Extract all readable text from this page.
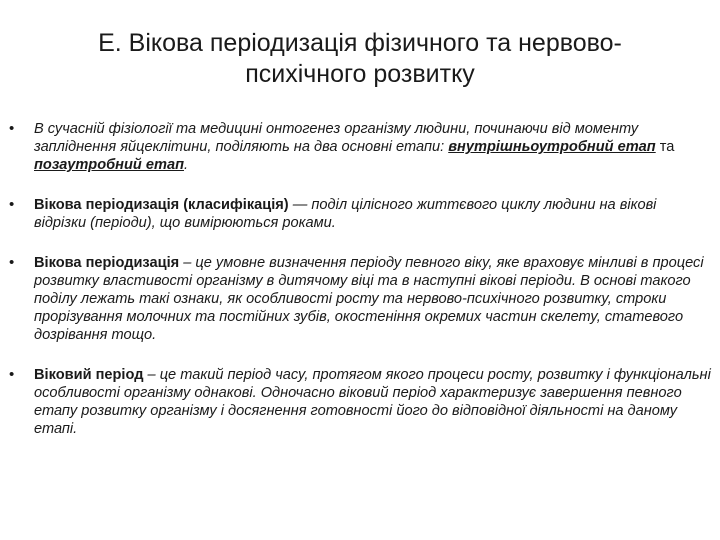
Е. Вікова періодизація фізичного та нервово-
психічного розвитку
• В сучасній фізіології та медицині онтогенез організму людини, починаючи від моменту запліднення яйцеклітини, поділяють на два основні етапи: внутрішньоутробний етап та позаутробний етап.
• Вікова періодизація (класифікація) — поділ цілісного життєвого циклу людини на вікові відрізки (періоди), що вимірюються роками.
• Вікова періодизація – це умовне визначення періоду певного віку, яке враховує мінливі в процесі розвитку властивості організму в дитячому віці та в наступні вікові періоди. В основі такого поділу лежать такі ознаки, як особливості росту та нервово-психічного розвитку, строки прорізування молочних та постійних зубів, окостеніння окремих частин скелету, статевого дозрівання тощо.
• Віковий період – це такий період часу, протягом якого процеси росту, розвитку і функціональні особливості організму однакові. Одночасно віковий період характеризує завершення певного етапу розвитку організму і досягнення готовності його до відповідної діяльності на даному етапі.
